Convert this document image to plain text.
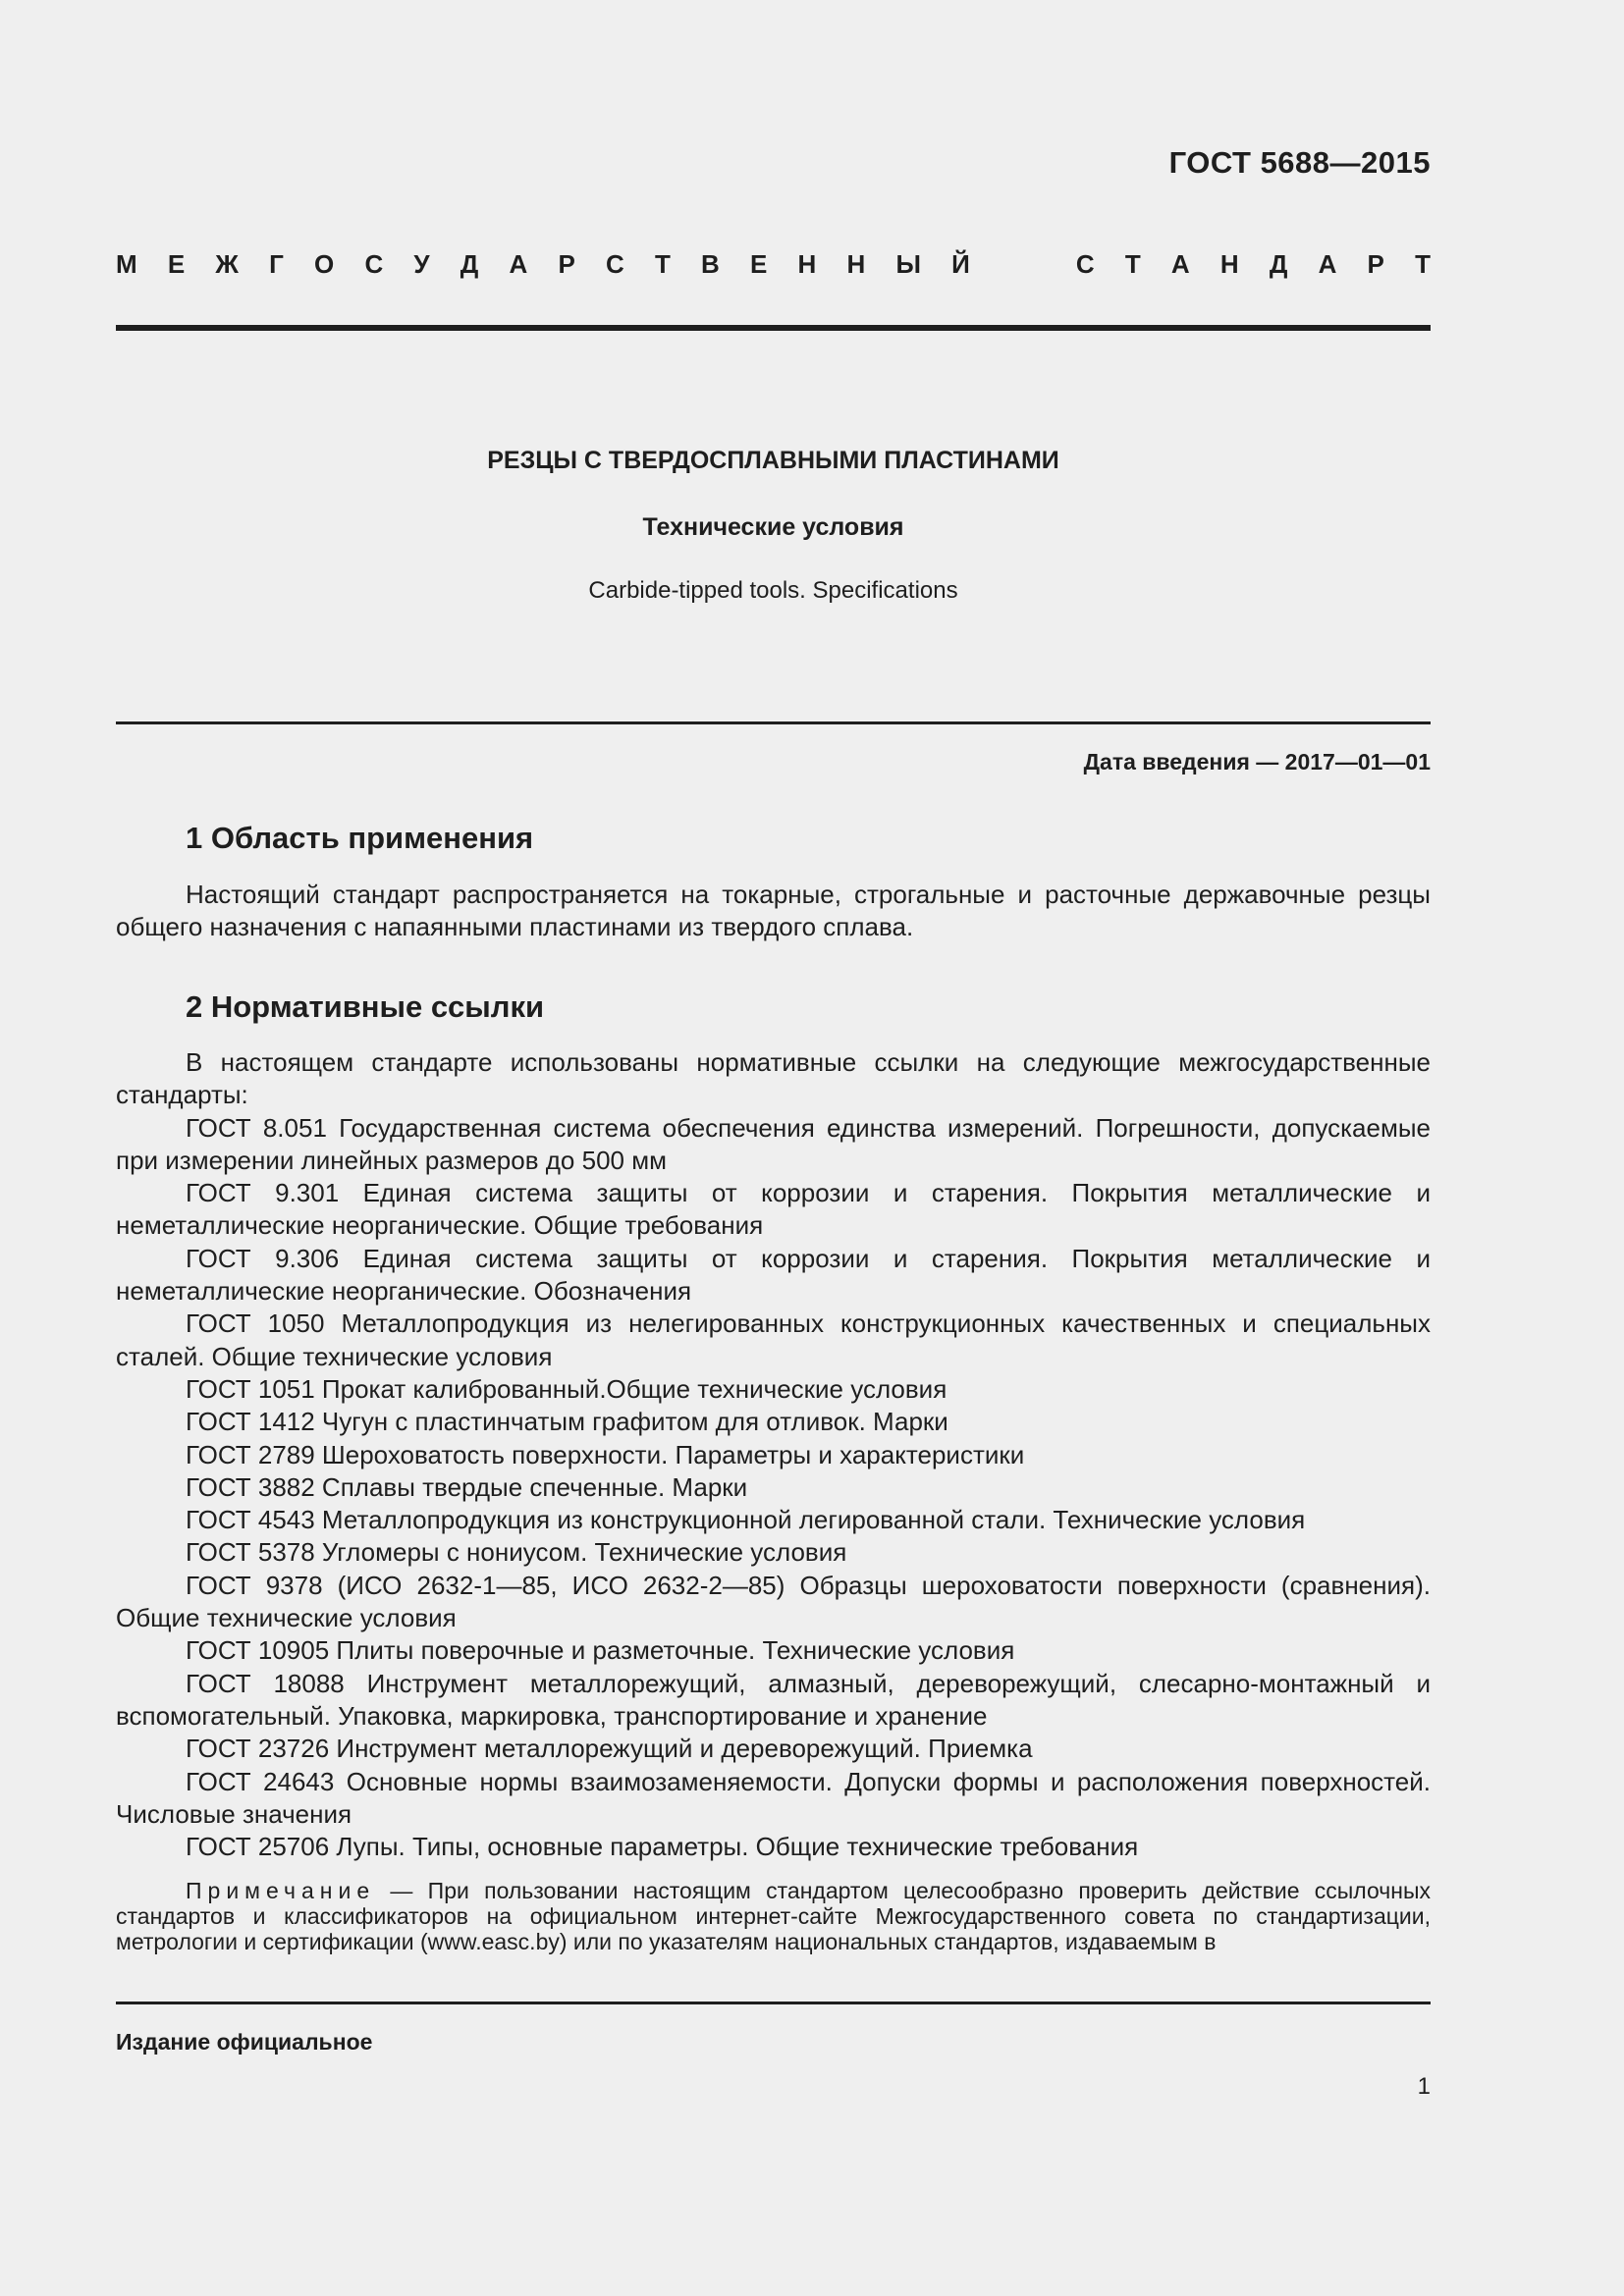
ГОСТ 5688—2015
М Е Ж Г О С У Д А Р С Т В Е Н Н Ы Й

	С Т А Н Д А Р Т
РЕЗЦЫ С ТВЕРДОСПЛАВНЫМИ ПЛАСТИНАМИ
Технические условия
Carbide-tipped tools. Specifications
Дата введения — 2017—01—01
1 Область применения

Настоящий стандарт распространяется на токарные, строгальные и расточные державочные резцы общего назначения с напаянными пластинами из твердого сплава.

2 Нормативные ссылки

В настоящем стандарте использованы нормативные ссылки на следующие межгосударственные стандарты:

ГОСТ 8.051 Государственная система обеспечения единства измерений. Погрешности, допускаемые при измерении линейных размеров до 500 мм

ГОСТ 9.301 Единая система защиты от коррозии и старения. Покрытия металлические и неметаллические неорганические. Общие требования

ГОСТ 9.306 Единая система защиты от коррозии и старения. Покрытия металлические и неметаллические неорганические. Обозначения

ГОСТ 1050 Металлопродукция из нелегированных конструкционных качественных и специальных сталей. Общие технические условия

ГОСТ 1051 Прокат калиброванный.Общие технические условия

ГОСТ 1412 Чугун с пластинчатым графитом для отливок. Марки

ГОСТ 2789 Шероховатость поверхности. Параметры и характеристики

ГОСТ 3882 Сплавы твердые спеченные. Марки

ГОСТ 4543 Металлопродукция из конструкционной легированной стали. Технические условия

ГОСТ 5378 Угломеры с нониусом. Технические условия

ГОСТ 9378 (ИСО 2632-1—85, ИСО 2632-2—85) Образцы шероховатости поверхности (сравнения). Общие технические условия

ГОСТ 10905 Плиты поверочные и разметочные. Технические условия

ГОСТ 18088 Инструмент металлорежущий, алмазный, дереворежущий, слесарно-монтажный и вспомогательный. Упаковка, маркировка, транспортирование и хранение

ГОСТ 23726 Инструмент металлорежущий и дереворежущий. Приемка

ГОСТ 24643 Основные нормы взаимозаменяемости. Допуски формы и расположения поверхностей. Числовые значения

ГОСТ 25706 Лупы. Типы, основные параметры. Общие технические требования

Примечание — При пользовании настоящим стандартом целесообразно проверить действие ссылочных стандартов и классификаторов на официальном интернет-сайте Межгосударственного совета по стандартизации, метрологии и сертификации (www.easc.by) или по указателям национальных стандартов, издаваемым в

Издание официальное
1
